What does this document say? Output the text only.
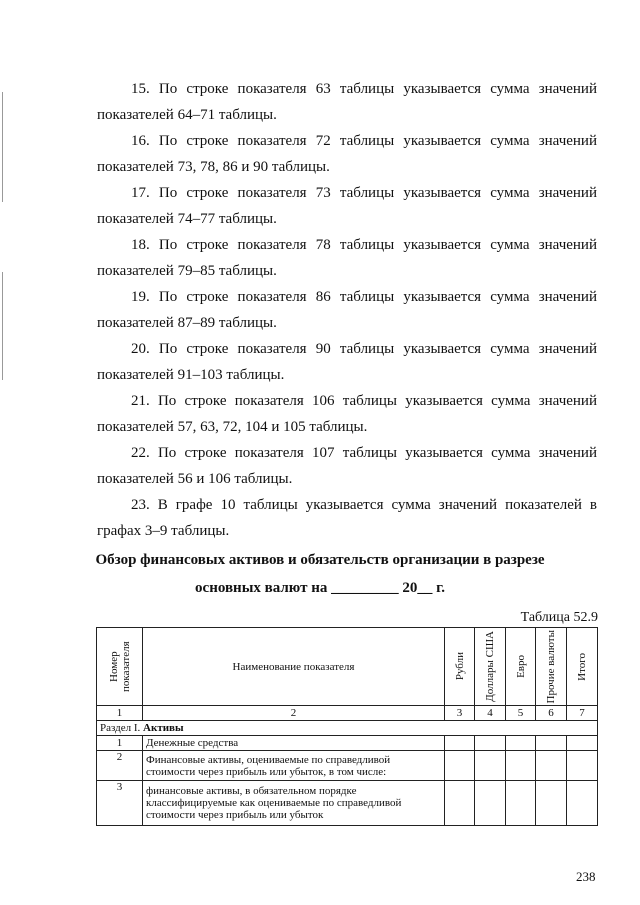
15. По строке показателя 63 таблицы указывается сумма значений
показателей 64–71 таблицы.
16. По строке показателя 72 таблицы указывается сумма значений
показателей 73, 78, 86 и 90 таблицы.
17. По строке показателя 73 таблицы указывается сумма значений
показателей 74–77 таблицы.
18. По строке показателя 78 таблицы указывается сумма значений
показателей 79–85 таблицы.
19. По строке показателя 86 таблицы указывается сумма значений
показателей 87–89 таблицы.
20. По строке показателя 90 таблицы указывается сумма значений
показателей 91–103 таблицы.
21. По строке показателя 106 таблицы указывается сумма значений
показателей 57, 63, 72, 104 и 105 таблицы.
22. По строке показателя 107 таблицы указывается сумма значений
показателей 56 и 106 таблицы.
23. В графе 10 таблицы указывается сумма значений показателей в
графах 3–9 таблицы.
Обзор финансовых активов и обязательств организации в разрезе
основных валют на _________ 20__ г.
Таблица 52.9
Номер показателя	Наименование показателя	Рубли	Доллары США	Евро	Прочие валюты	Итого

1	2	3	4	5	6	7
Раздел I. Активы						
1	Денежные средства					
2	Финансовые активы, оцениваемые по справедливой стоимости через прибыль или убыток, в том числе:					
3	финансовые активы, в обязательном порядке классифицируемые как оцениваемые по справедливой стоимости через прибыль или убыток					
238
